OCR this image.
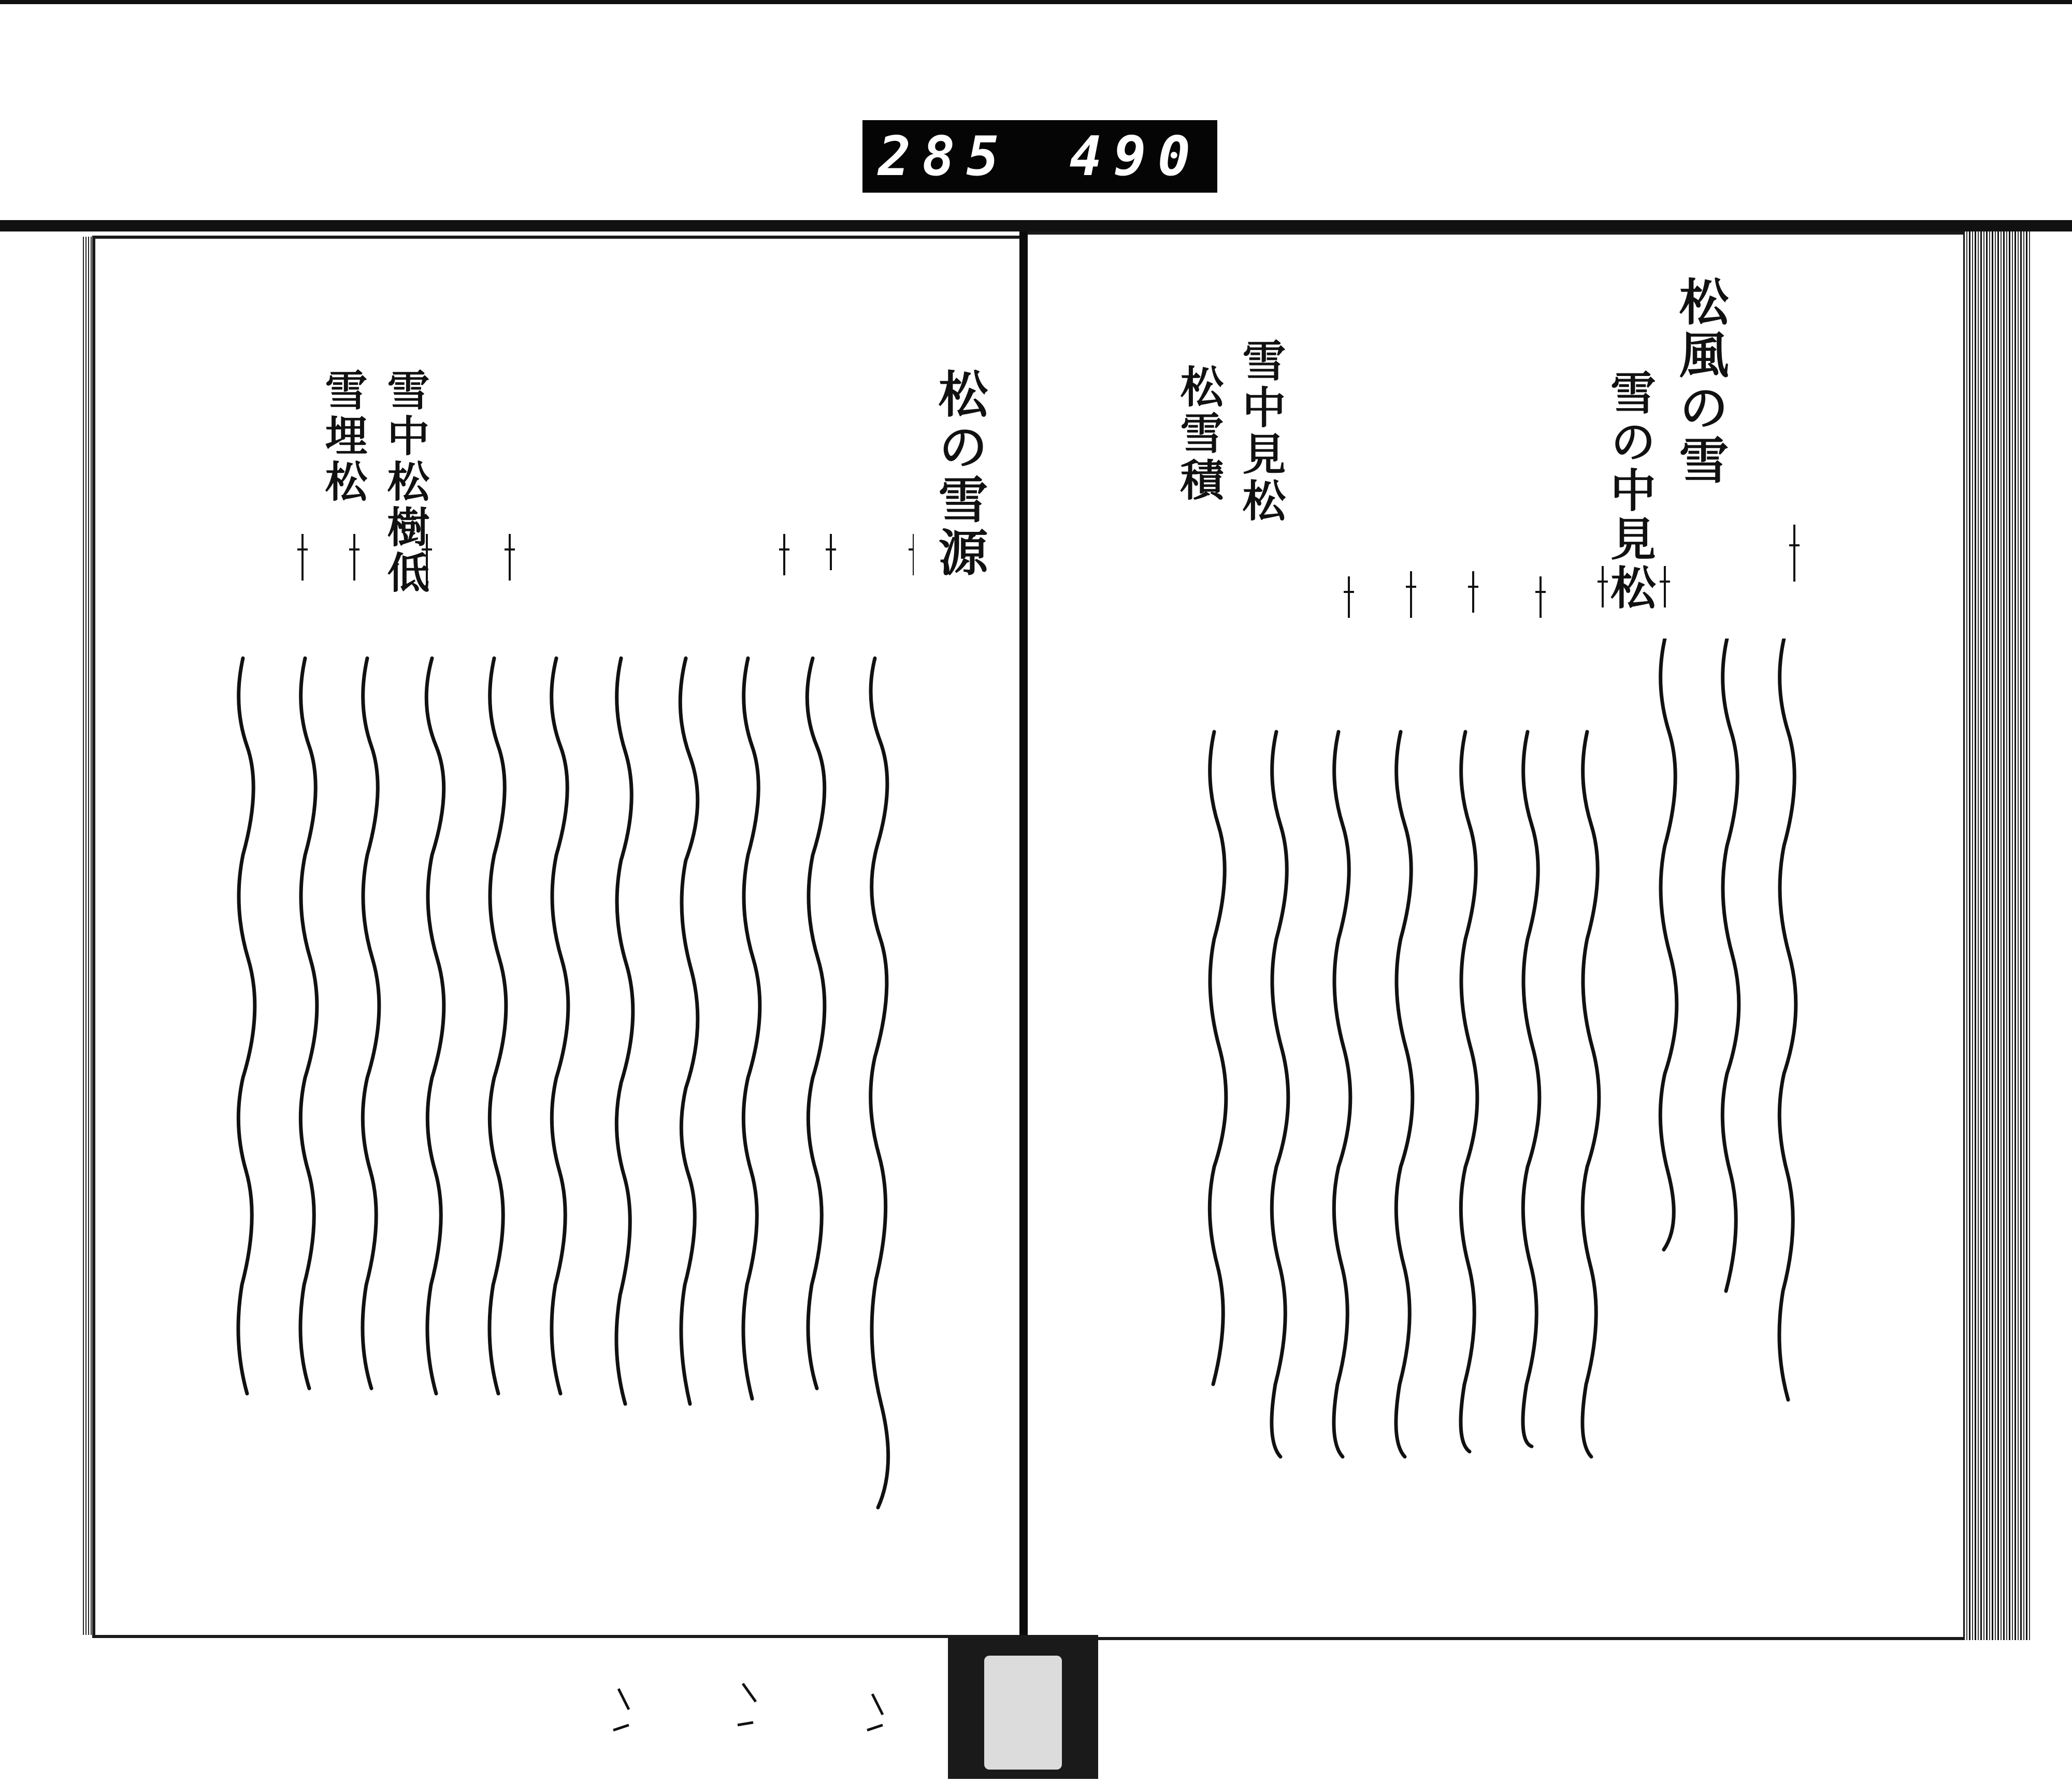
285 490
松の雪源
雪中松樹低
雪埋松	松風の雪
雪の中見松
松雪積 雪中見松
